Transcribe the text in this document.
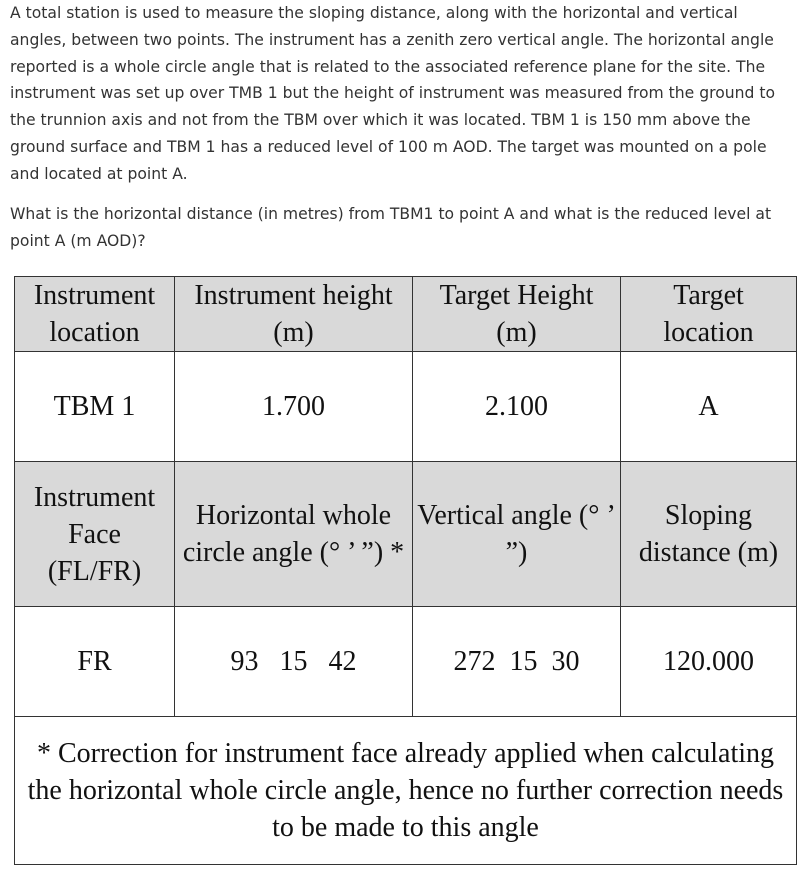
A total station is used to measure the sloping distance, along with the horizontal and vertical angles, between two points. The instrument has a zenith zero vertical angle. The horizontal angle reported is a whole circle angle that is related to the associated reference plane for the site. The instrument was set up over TMB 1 but the height of instrument was measured from the ground to the trunnion axis and not from the TBM over which it was located. TBM 1 is 150 mm above the ground surface and TBM 1 has a reduced level of 100 m AOD. The target was mounted on a pole and located at point A.
What is the horizontal distance (in metres) from TBM1 to point A and what is the reduced level at point A (m AOD)?
Instrument location	Instrument height (m)	Target Height (m)	Target location
TBM 1	1.700	2.100	A
Instrument Face (FL/FR)	Horizontal whole circle angle (° ’ ”) *	Vertical angle (° ’ ”)	Sloping distance (m)
FR	93   15   42	272  15  30	120.000
* Correction for instrument face already applied when calculating the horizontal whole circle angle, hence no further correction needs to be made to this angle			
